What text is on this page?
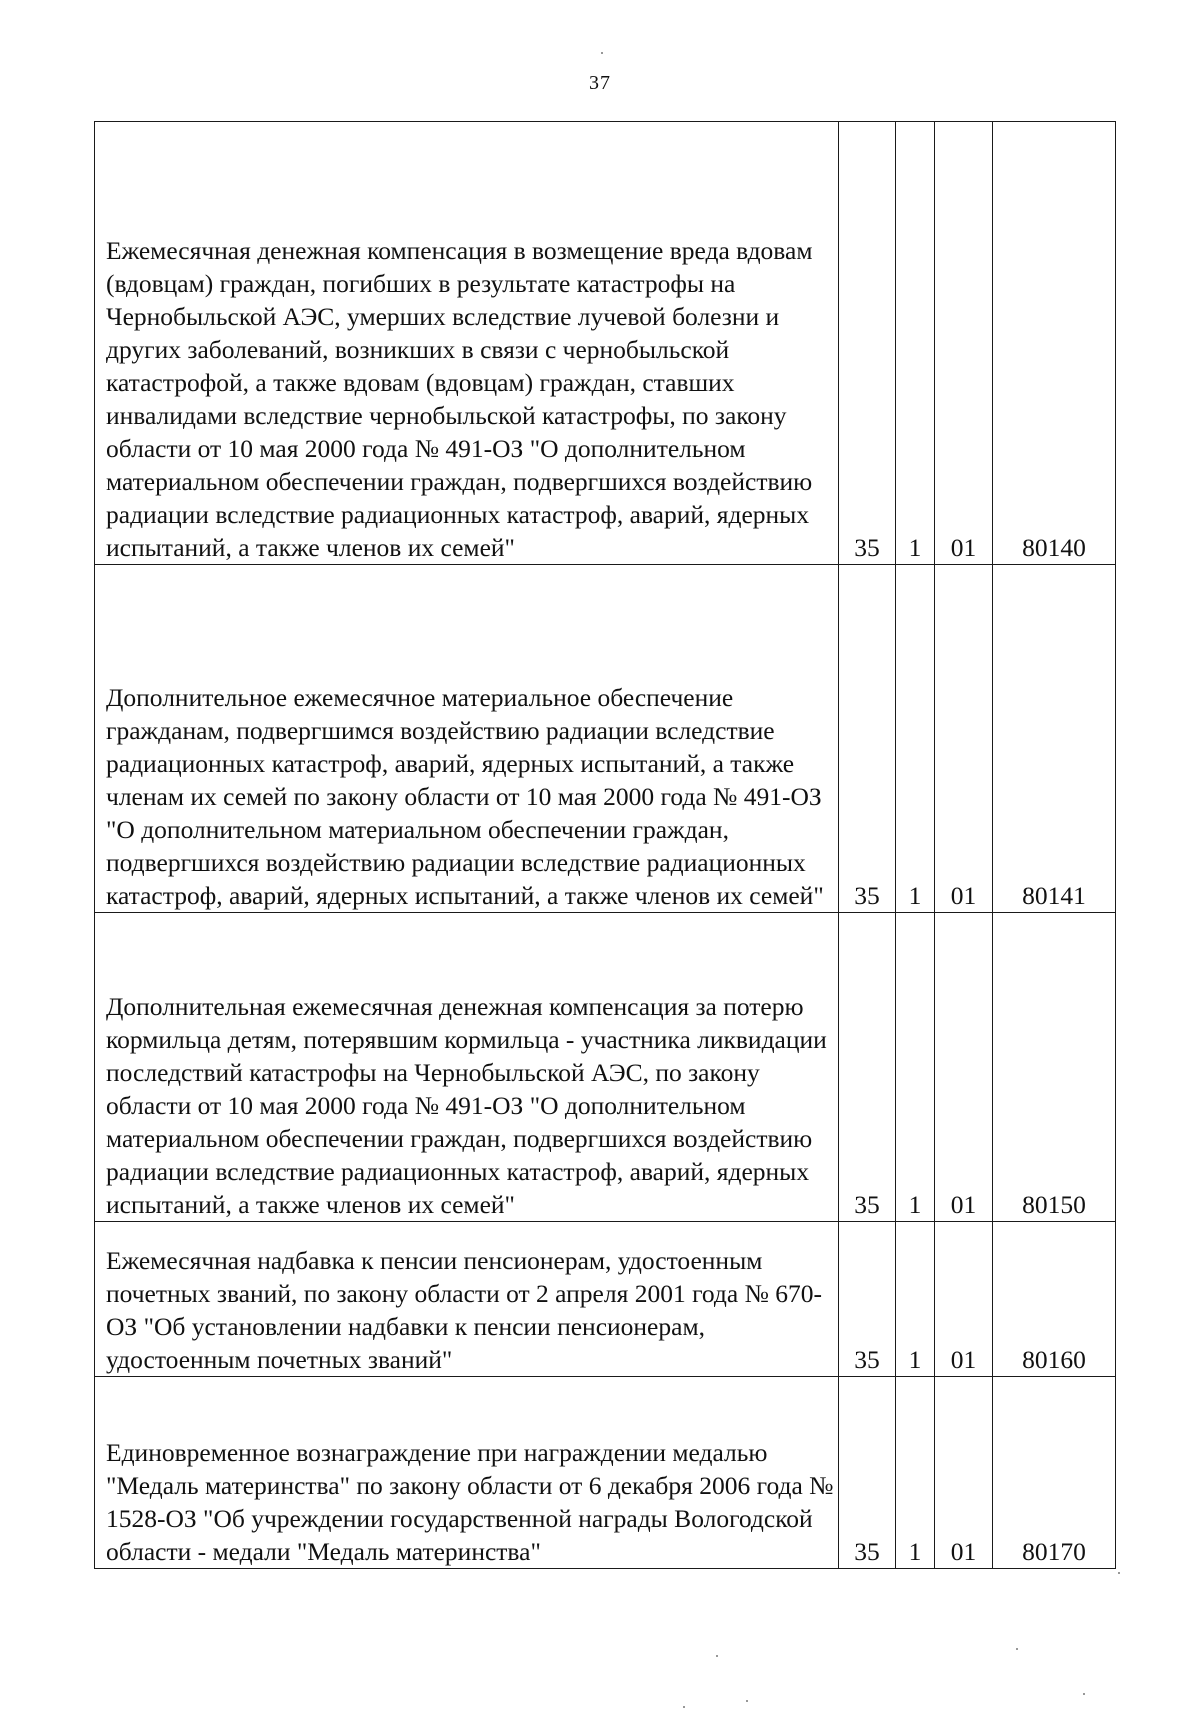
37
Ежемесячная денежная компенсация в возмещение вреда вдовам (вдовцам) граждан, погибших в результате катастрофы на Чернобыльской АЭС, умерших вследствие лучевой болезни и других заболеваний, возникших в связи с чернобыльской катастрофой, а также вдовам (вдовцам) граждан, ставших инвалидами вследствие чернобыльской катастрофы, по закону области от 10 мая 2000 года № 491-ОЗ "О дополнительном материальном обеспечении граждан, подвергшихся воздействию радиации вследствие радиационных катастроф, аварий, ядерных испытаний, а также членов их семей"	35	1	01	80140
Дополнительное ежемесячное материальное обеспечение гражданам, подвергшимся воздействию радиации вследствие радиационных катастроф, аварий, ядерных испытаний, а также членам их семей по закону области от 10 мая 2000 года № 491-ОЗ "О дополнительном материальном обеспечении граждан, подвергшихся воздействию радиации вследствие радиационных катастроф, аварий, ядерных испытаний, а также членов их семей"	35	1	01	80141
Дополнительная ежемесячная денежная компенсация за потерю кормильца детям, потерявшим кормильца - участника ликвидации последствий катастрофы на Чернобыльской АЭС, по закону области от 10 мая 2000 года № 491-ОЗ "О дополнительном материальном обеспечении граждан, подвергшихся воздействию радиации вследствие радиационных катастроф, аварий, ядерных испытаний, а также членов их семей"	35	1	01	80150
Ежемесячная надбавка к пенсии пенсионерам, удостоенным почетных званий, по закону области от 2 апреля 2001 года № 670-ОЗ "Об установлении надбавки к пенсии пенсионерам, удостоенным почетных званий"	35	1	01	80160
Единовременное вознаграждение при награждении медалью "Медаль материнства" по закону области от 6 декабря 2006 года № 1528-ОЗ "Об учреждении государственной награды Вологодской области - медали "Медаль материнства"	35	1	01	80170
